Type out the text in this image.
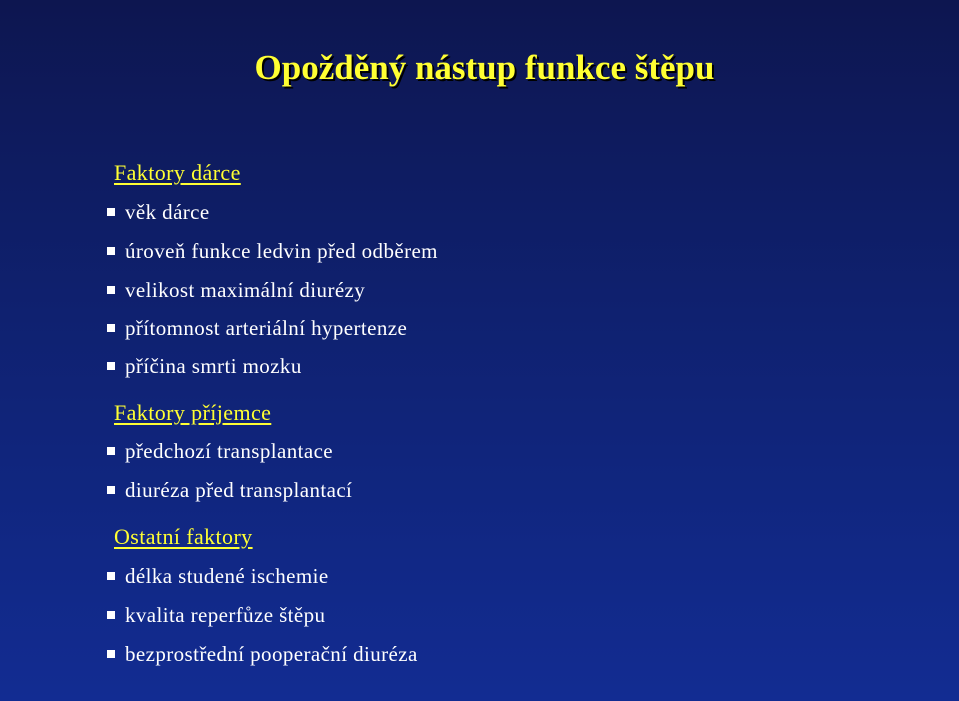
Opožděný nástup funkce štěpu
Faktory dárce
věk dárce
úroveň funkce ledvin před odběrem
velikost maximální diurézy
přítomnost arteriální hypertenze
příčina smrti mozku
Faktory příjemce
předchozí transplantace
diuréza před transplantací
Ostatní faktory
délka studené ischemie
kvalita reperfůze štěpu
bezprostřední pooperační diuréza
